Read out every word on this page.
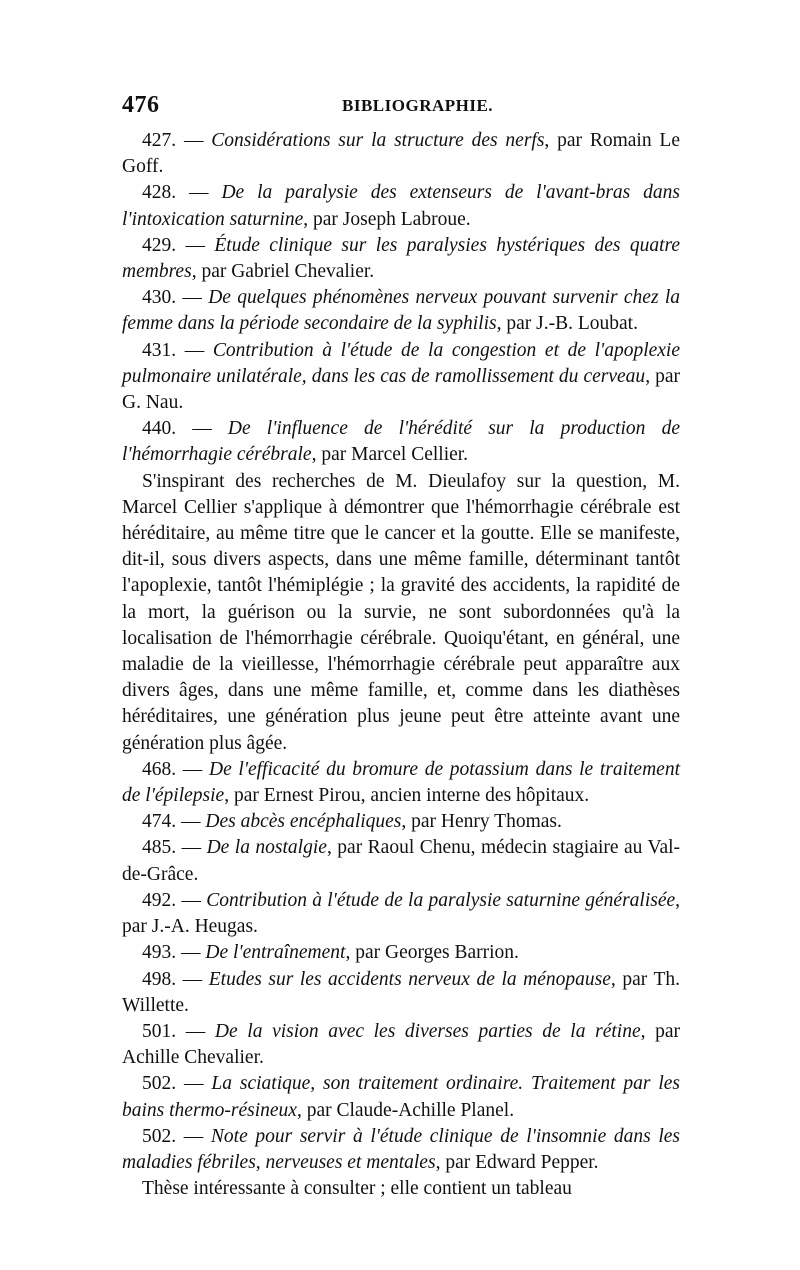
476	BIBLIOGRAPHIE.

427. — Considérations sur la structure des nerfs, par Romain Le Goff.

428. — De la paralysie des extenseurs de l'avant-bras dans l'intoxication saturnine, par Joseph Labroue.

429. — Étude clinique sur les paralysies hystériques des quatre membres, par Gabriel Chevalier.

430. — De quelques phénomènes nerveux pouvant survenir chez la femme dans la période secondaire de la syphilis, par J.-B. Loubat.

431. — Contribution à l'étude de la congestion et de l'apoplexie pulmonaire unilatérale, dans les cas de ramollissement du cerveau, par G. Nau.

440. — De l'influence de l'hérédité sur la production de l'hémorrhagie cérébrale, par Marcel Cellier.

S'inspirant des recherches de M. Dieulafoy sur la question, M. Marcel Cellier s'applique à démontrer que l'hémorrhagie cérébrale est héréditaire, au même titre que le cancer et la goutte. Elle se manifeste, dit-il, sous divers aspects, dans une même famille, déterminant tantôt l'apoplexie, tantôt l'hémiplégie ; la gravité des accidents, la rapidité de la mort, la guérison ou la survie, ne sont subordonnées qu'à la localisation de l'hémorrhagie cérébrale. Quoiqu'étant, en général, une maladie de la vieillesse, l'hémorrhagie cérébrale peut apparaître aux divers âges, dans une même famille, et, comme dans les diathèses héréditaires, une génération plus jeune peut être atteinte avant une génération plus âgée.

468. — De l'efficacité du bromure de potassium dans le traitement de l'épilepsie, par Ernest Pirou, ancien interne des hôpitaux.

474. — Des abcès encéphaliques, par Henry Thomas.

485. — De la nostalgie, par Raoul Chenu, médecin stagiaire au Val-de-Grâce.

492. — Contribution à l'étude de la paralysie saturnine généralisée, par J.-A. Heugas.

493. — De l'entraînement, par Georges Barrion.

498. — Etudes sur les accidents nerveux de la ménopause, par Th. Willette.

501. — De la vision avec les diverses parties de la rétine, par Achille Chevalier.

502. — La sciatique, son traitement ordinaire. Traitement par les bains thermo-résineux, par Claude-Achille Planel.

502. — Note pour servir à l'étude clinique de l'insomnie dans les maladies fébriles, nerveuses et mentales, par Edward Pepper.

Thèse intéressante à consulter ; elle contient un tableau
